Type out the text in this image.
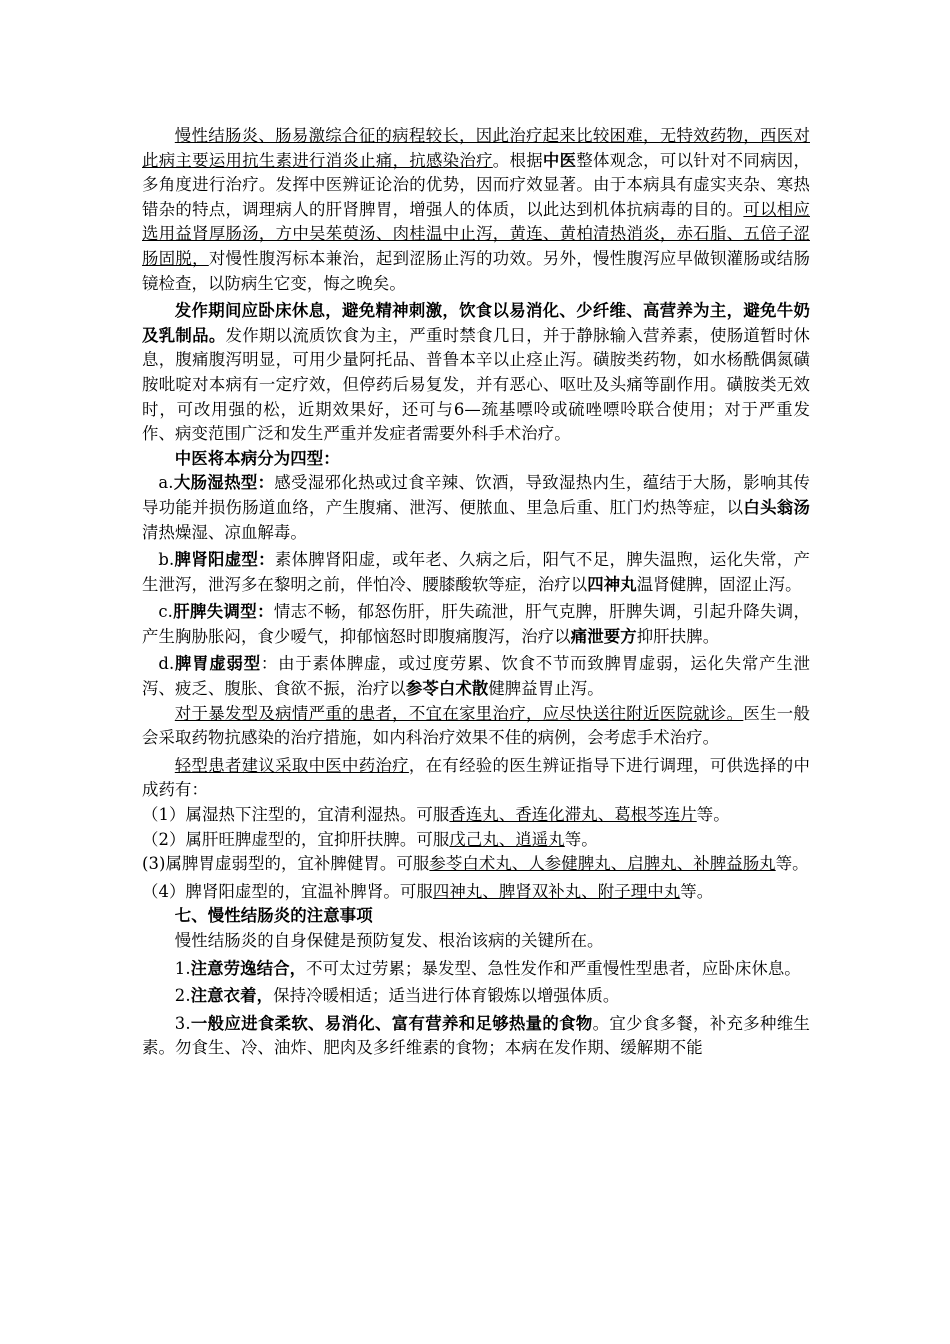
慢性结肠炎、肠易激综合征的病程较长，因此治疗起来比较困难，无特效药物，西医对此病主要运用抗生素进行消炎止痛，抗感染治疗。根据中医整体观念，可以针对不同病因，多角度进行治疗。发挥中医辨证论治的优势，因而疗效显著。由于本病具有虚实夹杂、寒热错杂的特点，调理病人的肝肾脾胃，增强人的体质，以此达到机体抗病毒的目的。可以相应选用益肾厚肠汤，方中吴茱萸汤、肉桂温中止泻，黄连、黄柏清热消炎，赤石脂、五倍子涩肠固脱，对慢性腹泻标本兼治，起到涩肠止泻的功效。另外，慢性腹泻应早做钡灌肠或结肠镜检查，以防病生它变，悔之晚矣。

发作期间应卧床休息，避免精神刺激，饮食以易消化、少纤维、高营养为主，避免牛奶及乳制品。发作期以流质饮食为主，严重时禁食几日，并于静脉输入营养素，使肠道暂时休息，腹痛腹泻明显，可用少量阿托品、普鲁本辛以止痉止泻。磺胺类药物，如水杨酰偶氮磺胺吡啶对本病有一定疗效，但停药后易复发，并有恶心、呕吐及头痛等副作用。磺胺类无效时，可改用强的松，近期效果好，还可与6—巯基嘌呤或硫唑嘌呤联合使用；对于严重发作、病变范围广泛和发生严重并发症者需要外科手术治疗。

中医将本病分为四型：

a.大肠湿热型：感受湿邪化热或过食辛辣、饮酒，导致湿热内生，蕴结于大肠，影响其传导功能并损伤肠道血络，产生腹痛、泄泻、便脓血、里急后重、肛门灼热等症，以白头翁汤清热燥湿、凉血解毒。

b.脾肾阳虚型：素体脾肾阳虚，或年老、久病之后，阳气不足，脾失温煦，运化失常，产生泄泻，泄泻多在黎明之前，伴怕冷、腰膝酸软等症，治疗以四神丸温肾健脾，固涩止泻。

c.肝脾失调型：情志不畅，郁怒伤肝，肝失疏泄，肝气克脾，肝脾失调，引起升降失调，产生胸胁胀闷，食少嗳气，抑郁恼怒时即腹痛腹泻，治疗以痛泄要方抑肝扶脾。

d.脾胃虚弱型：由于素体脾虚，或过度劳累、饮食不节而致脾胃虚弱，运化失常产生泄泻、疲乏、腹胀、食欲不振，治疗以参苓白术散健脾益胃止泻。

对于暴发型及病情严重的患者，不宜在家里治疗，应尽快送往附近医院就诊。医生一般会采取药物抗感染的治疗措施，如内科治疗效果不佳的病例，会考虑手术治疗。

轻型患者建议采取中医中药治疗，在有经验的医生辨证指导下进行调理，可供选择的中成药有：

（1）属湿热下注型的，宜清利湿热。可服香连丸、香连化滞丸、葛根芩连片等。

（2）属肝旺脾虚型的，宜抑肝扶脾。可服戊己丸、逍遥丸等。

(3)属脾胃虚弱型的，宜补脾健胃。可服参苓白术丸、人参健脾丸、启脾丸、补脾益肠丸等。

（4）脾肾阳虚型的，宜温补脾肾。可服四神丸、脾肾双补丸、附子理中丸等。

七、慢性结肠炎的注意事项

慢性结肠炎的自身保健是预防复发、根治该病的关键所在。

1.注意劳逸结合，不可太过劳累；暴发型、急性发作和严重慢性型患者，应卧床休息。

2.注意衣着，保持冷暖相适；适当进行体育锻炼以增强体质。

3.一般应进食柔软、易消化、富有营养和足够热量的食物。宜少食多餐，补充多种维生素。勿食生、冷、油炸、肥肉及多纤维素的食物；本病在发作期、缓解期不能
